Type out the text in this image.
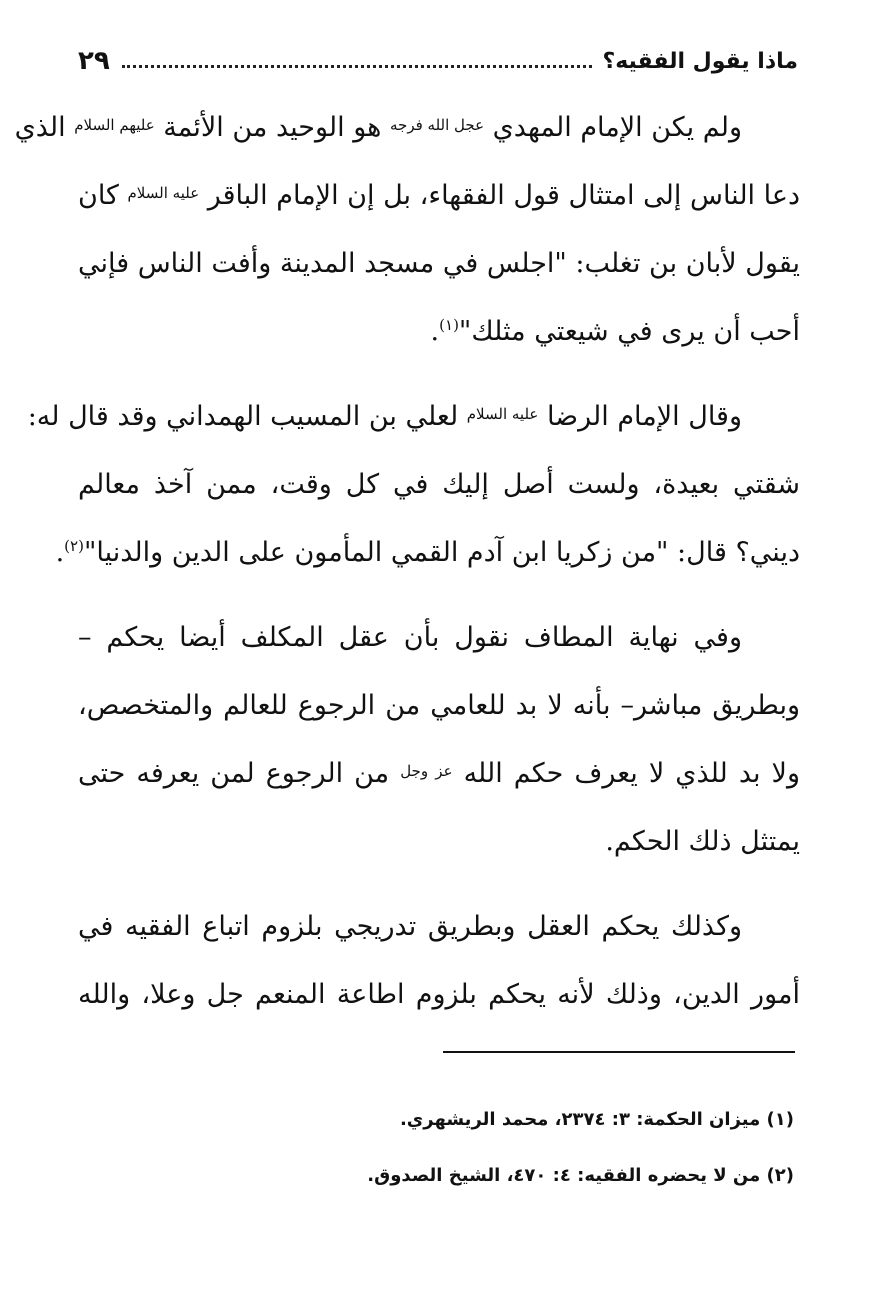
ماذا يقول الفقيه؟
٢٩
ولم يكن الإمام المهدي $^{عجل الله فرجه}$ هو الوحيد من الأئمة $^{عليهم السلام}$ الذي
دعا الناس إلى امتثال قول الفقهاء، بل إن الإمام الباقر $^{عليه السلام}$ كان
يقول لأبان بن تغلب: "اجلس في مسجد المدينة وأفت الناس فإني
أحب أن يرى في شيعتي مثلك"$^{(١)}$.
وقال الإمام الرضا $^{عليه السلام}$ لعلي بن المسيب الهمداني وقد قال له:
شقتي بعيدة، ولست أصل إليك في كل وقت، ممن آخذ معالم
ديني؟ قال: "من زكريا ابن آدم القمي المأمون على الدين والدنيا"$^{(٢)}$.
وفي نهاية المطاف نقول بأن عقل المكلف أيضا يحكم –
وبطريق مباشر– بأنه لا بد للعامي من الرجوع للعالم والمتخصص،
ولا بد للذي لا يعرف حكم الله $^{عز وجل}$ من الرجوع لمن يعرفه حتى
يمتثل ذلك الحكم.
وكذلك يحكم العقل وبطريق تدريجي بلزوم اتباع الفقيه في
أمور الدين، وذلك لأنه يحكم بلزوم اطاعة المنعم جل وعلا، والله
(١) ميزان الحكمة: ٣: ٢٣٧٤، محمد الريشهري.
(٢) من لا يحضره الفقيه: ٤: ٤٧٠، الشيخ الصدوق.
